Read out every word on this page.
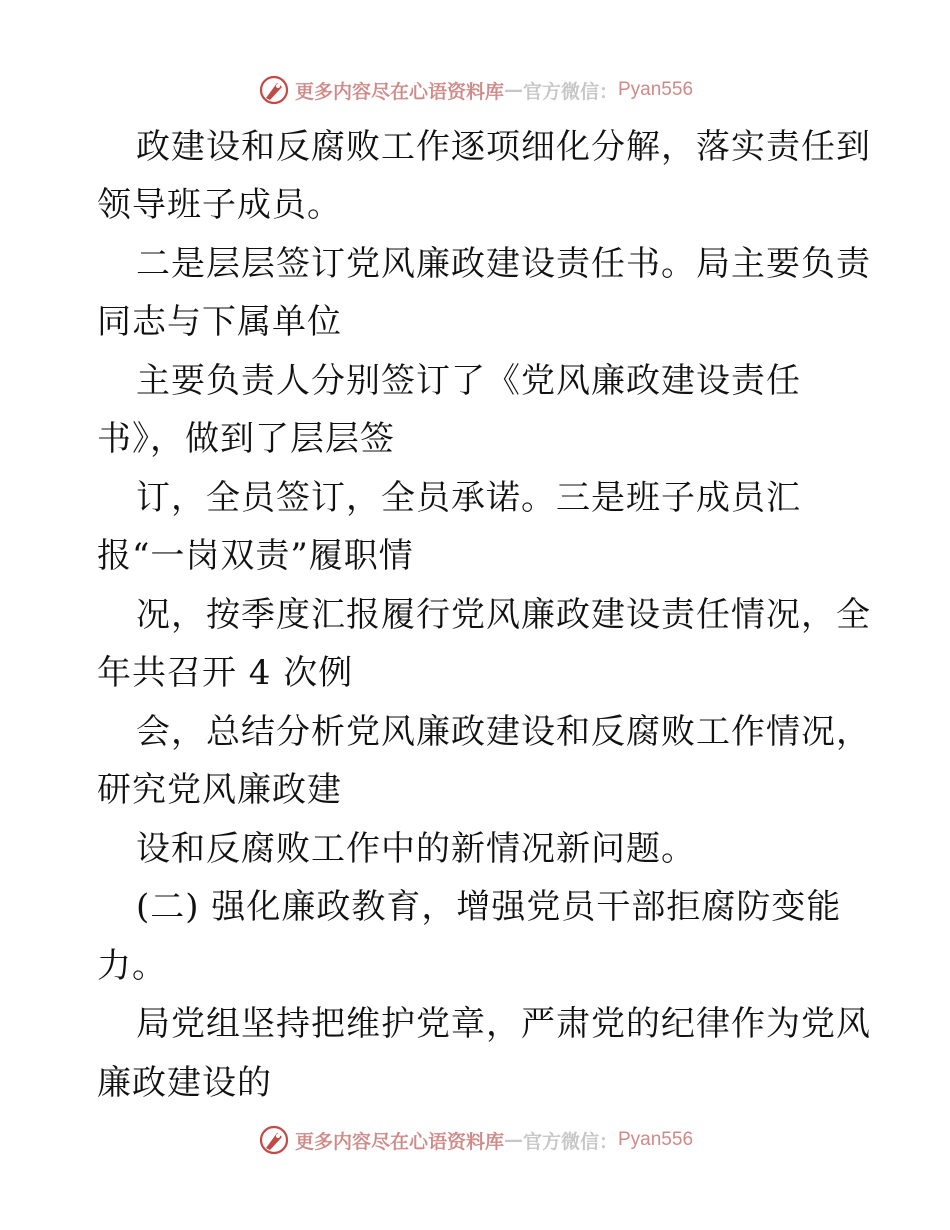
更多内容尽在心语资料库 — 官方微信： Pyan556
政建设和反腐败工作逐项细化分解，落实责任到
领导班子成员。
二是层层签订党风廉政建设责任书。局主要负责
同志与下属单位
主要负责人分别签订了《党风廉政建设责任
书》，做到了层层签
订，全员签订，全员承诺。三是班子成员汇
报“一岗双责”履职情
况，按季度汇报履行党风廉政建设责任情况，全
年共召开 4 次例
会，总结分析党风廉政建设和反腐败工作情况，
研究党风廉政建
设和反腐败工作中的新情况新问题。
(二) 强化廉政教育，增强党员干部拒腐防变能
力。
局党组坚持把维护党章，严肃党的纪律作为党风
廉政建设的
更多内容尽在心语资料库 — 官方微信： Pyan556
